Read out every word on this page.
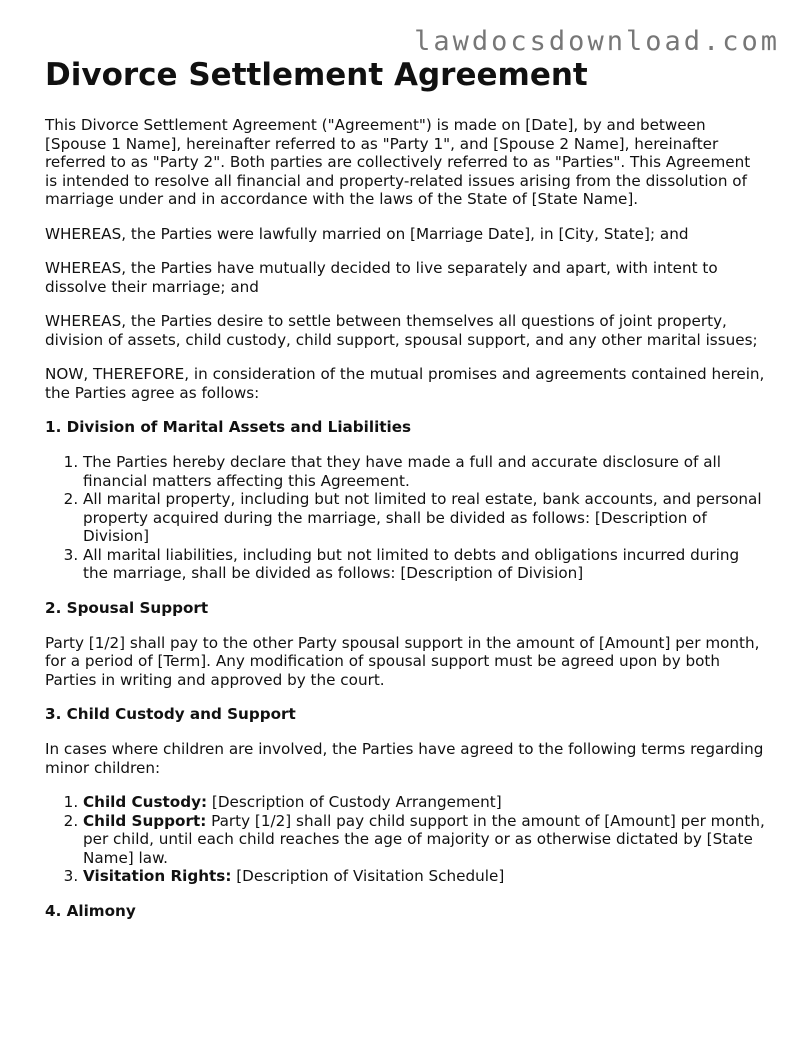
lawdocsdownload.com
Divorce Settlement Agreement

This Divorce Settlement Agreement ("Agreement") is made on [Date], by and between [Spouse 1 Name], hereinafter referred to as "Party 1", and [Spouse 2 Name], hereinafter referred to as "Party 2". Both parties are collectively referred to as "Parties". This Agreement is intended to resolve all financial and property-related issues arising from the dissolution of marriage under and in accordance with the laws of the State of [State Name].

WHEREAS, the Parties were lawfully married on [Marriage Date], in [City, State]; and

WHEREAS, the Parties have mutually decided to live separately and apart, with intent to dissolve their marriage; and

WHEREAS, the Parties desire to settle between themselves all questions of joint property, division of assets, child custody, child support, spousal support, and any other marital issues;

NOW, THEREFORE, in consideration of the mutual promises and agreements contained herein, the Parties agree as follows:

1. Division of Marital Assets and Liabilities
1. The Parties hereby declare that they have made a full and accurate disclosure of all financial matters affecting this Agreement.
2. All marital property, including but not limited to real estate, bank accounts, and personal property acquired during the marriage, shall be divided as follows: [Description of Division]
3. All marital liabilities, including but not limited to debts and obligations incurred during the marriage, shall be divided as follows: [Description of Division]
2. Spousal Support

Party [1/2] shall pay to the other Party spousal support in the amount of [Amount] per month, for a period of [Term]. Any modification of spousal support must be agreed upon by both Parties in writing and approved by the court.

3. Child Custody and Support

In cases where children are involved, the Parties have agreed to the following terms regarding minor children:

1. Child Custody: [Description of Custody Arrangement]
2. Child Support: Party [1/2] shall pay child support in the amount of [Amount] per month, per child, until each child reaches the age of majority or as otherwise dictated by [State Name] law.
3. Visitation Rights: [Description of Visitation Schedule]
4. Alimony
